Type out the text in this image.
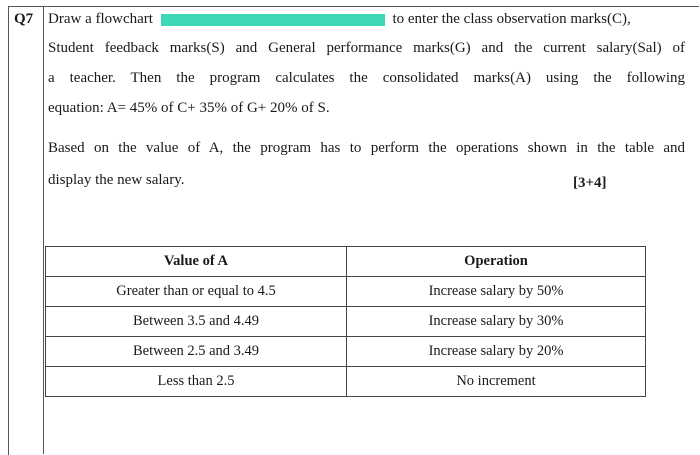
Q7 Draw a flowchart	to enter the class observation marks(C),
Student feedback marks(S) and General performance marks(G) and the current salary(Sal) of
a teacher. Then the program calculates the consolidated marks(A) using the following
equation: A= 45% of C+ 35% of G+ 20% of S.
Based on the value of A, the program has to perform the operations shown in the table and
display the new salary.	[3+4]
Value of A	Operation
Greater than or equal to 4.5	Increase salary by 50%
Between 3.5 and 4.49	Increase salary by 30%
Between 2.5 and 3.49	Increase salary by 20%
Less than 2.5	No increment
